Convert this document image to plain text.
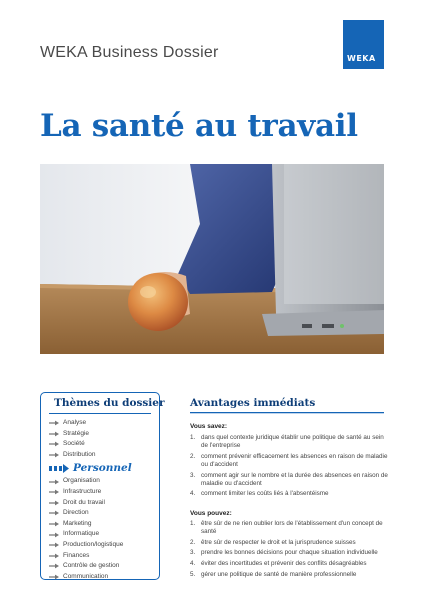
WEKA Business Dossier	WEKA
La santé au travail
Thèmes du dossier
Analyse
Stratégie
Société
Distribution
Personnel
Organisation
Infrastructure
Droit du travail
Direction
Marketing
Informatique
Production/logistique
Finances
Contrôle de gestion
Communication
Avantages immédiats
Vous savez:
1. dans quel contexte juridique établir une politique de santé au sein de l'entreprise
2. comment prévenir efficacement les absences en raison de maladie ou d'accident
3. comment agir sur le nombre et la durée des absences en raison de maladie ou d'accident
4. comment limiter les coûts liés à l'absentéisme
Vous pouvez:
1. être sûr de ne rien oublier lors de l'établissement d'un concept de santé
2. être sûr de respecter le droit et la jurisprudence suisses
3. prendre les bonnes décisions pour chaque situation individuelle
4. éviter des incertitudes et prévenir des conflits désagréables
5. gérer une politique de santé de manière professionnelle
